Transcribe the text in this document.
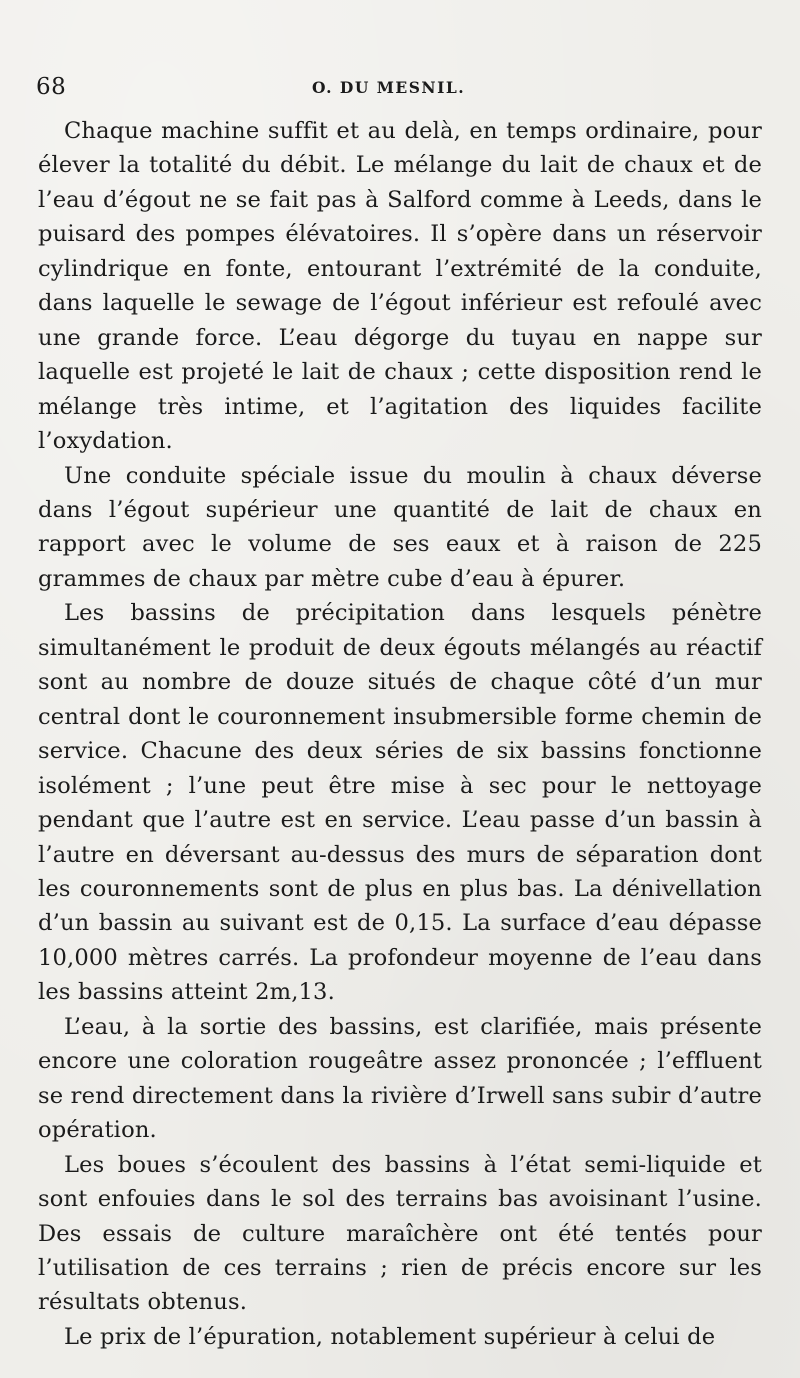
68	O. DU MESNIL.

Chaque machine suffit et au delà, en temps ordinaire, pour élever la totalité du débit. Le mélange du lait de chaux et de l’eau d’égout ne se fait pas à Salford comme à Leeds, dans le puisard des pompes élévatoires. Il s’opère dans un réservoir cylindrique en fonte, entourant l’extrémité de la conduite, dans laquelle le sewage de l’égout inférieur est refoulé avec une grande force. L’eau dégorge du tuyau en nappe sur laquelle est projeté le lait de chaux ; cette disposition rend le mélange très intime, et l’agitation des liquides facilite l’oxydation.

Une conduite spéciale issue du moulin à chaux déverse dans l’égout supérieur une quantité de lait de chaux en rapport avec le volume de ses eaux et à raison de 225 grammes de chaux par mètre cube d’eau à épurer.

Les bassins de précipitation dans lesquels pénètre simultanément le produit de deux égouts mélangés au réactif sont au nombre de douze situés de chaque côté d’un mur central dont le couronnement insubmersible forme chemin de service. Chacune des deux séries de six bassins fonctionne isolément ; l’une peut être mise à sec pour le nettoyage pendant que l’autre est en service. L’eau passe d’un bassin à l’autre en déversant au-dessus des murs de séparation dont les couronnements sont de plus en plus bas. La dénivellation d’un bassin au suivant est de 0,15. La surface d’eau dépasse 10,000 mètres carrés. La profondeur moyenne de l’eau dans les bassins atteint 2m,13.

L’eau, à la sortie des bassins, est clarifiée, mais présente encore une coloration rougeâtre assez prononcée ; l’effluent se rend directement dans la rivière d’Irwell sans subir d’autre opération.

Les boues s’écoulent des bassins à l’état semi-liquide et sont enfouies dans le sol des terrains bas avoisinant l’usine. Des essais de culture maraîchère ont été tentés pour l’utilisation de ces terrains ; rien de précis encore sur les résultats obtenus.

Le prix de l’épuration, notablement supérieur à celui de
